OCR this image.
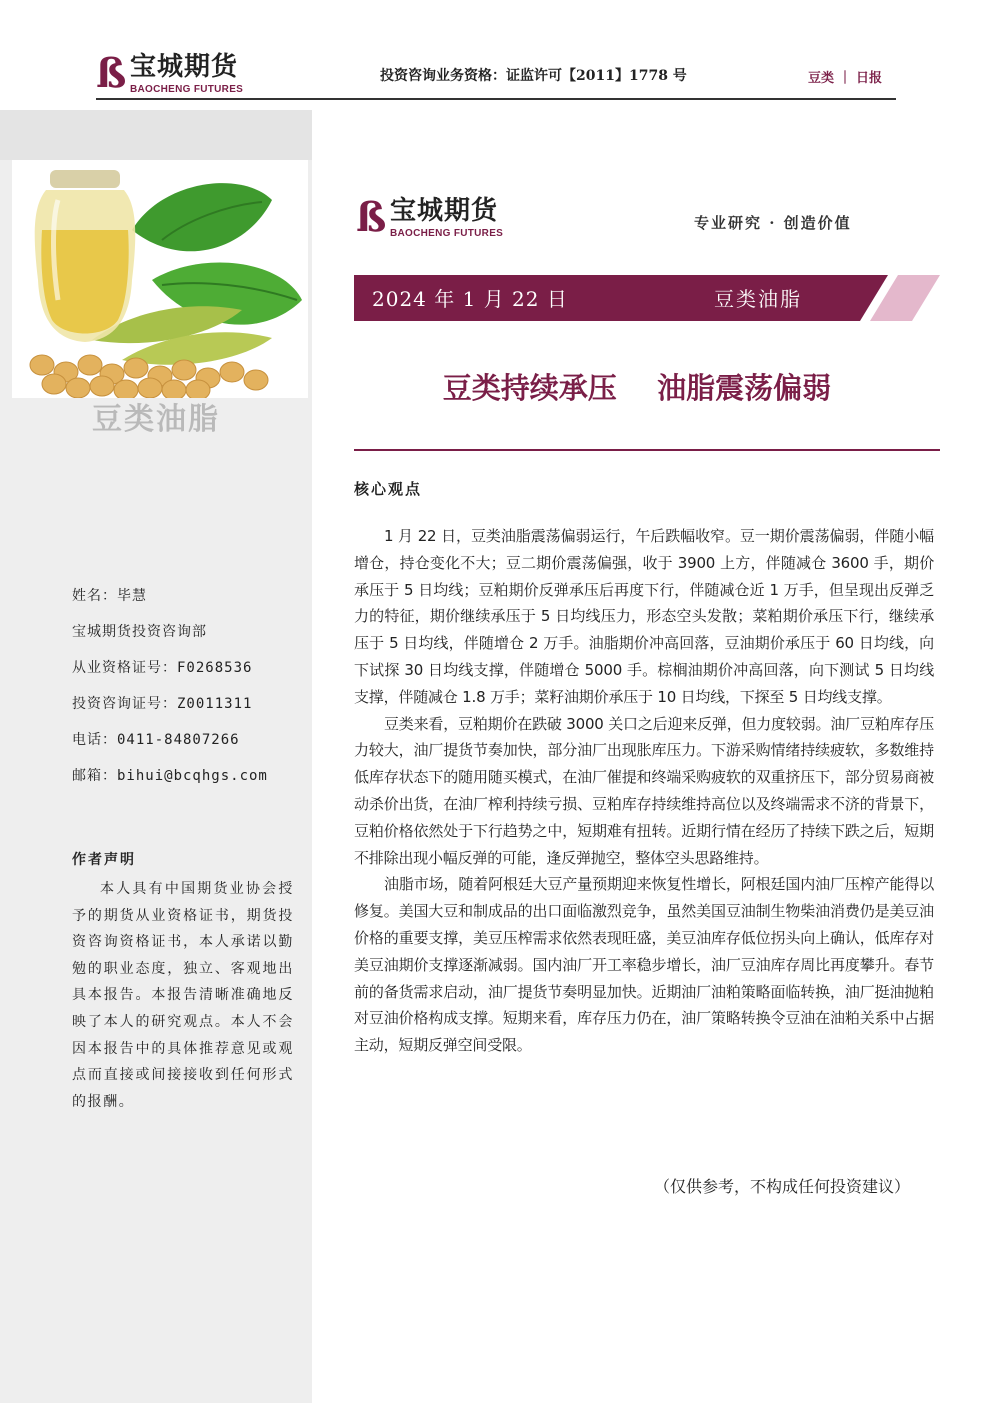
ß 宝城期货
BAOCHENG FUTURES
投资咨询业务资格：证监许可【2011】1778 号	豆类 ｜ 日报
豆类油脂
姓名：毕慧
宝城期货投资咨询部
从业资格证号：F0268536
投资咨询证号：Z0011311
电话：0411-84807266
邮箱：bihui@bcqhgs.com
作者声明
本人具有中国期货业协会授予的期货从业资格证书，期货投资咨询资格证书，本人承诺以勤勉的职业态度，独立、客观地出具本报告。本报告清晰准确地反映了本人的研究观点。本人不会因本报告中的具体推荐意见或观点而直接或间接接收到任何形式的报酬。
ß 宝城期货
BAOCHENG FUTURES
专业研究 · 创造价值
2024 年 1 月 22 日	豆类油脂
豆类持续承压    油脂震荡偏弱
核心观点

1 月 22 日，豆类油脂震荡偏弱运行，午后跌幅收窄。豆一期价震荡偏弱，伴随小幅增仓，持仓变化不大；豆二期价震荡偏强，收于 3900 上方，伴随减仓 3600 手，期价承压于 5 日均线；豆粕期价反弹承压后再度下行，伴随减仓近 1 万手，但呈现出反弹乏力的特征，期价继续承压于 5 日均线压力，形态空头发散；菜粕期价承压下行，继续承压于 5 日均线，伴随增仓 2 万手。油脂期价冲高回落，豆油期价承压于 60 日均线，向下试探 30 日均线支撑，伴随增仓 5000 手。棕榈油期价冲高回落，向下测试 5 日均线支撑，伴随减仓 1.8 万手；菜籽油期价承压于 10 日均线，下探至 5 日均线支撑。

豆类来看，豆粕期价在跌破 3000 关口之后迎来反弹，但力度较弱。油厂豆粕库存压力较大，油厂提货节奏加快，部分油厂出现胀库压力。下游采购情绪持续疲软，多数维持低库存状态下的随用随买模式，在油厂催提和终端采购疲软的双重挤压下，部分贸易商被动杀价出货，在油厂榨利持续亏损、豆粕库存持续维持高位以及终端需求不济的背景下，豆粕价格依然处于下行趋势之中，短期难有扭转。近期行情在经历了持续下跌之后，短期不排除出现小幅反弹的可能，逢反弹抛空，整体空头思路维持。

油脂市场，随着阿根廷大豆产量预期迎来恢复性增长，阿根廷国内油厂压榨产能得以修复。美国大豆和制成品的出口面临激烈竞争，虽然美国豆油制生物柴油消费仍是美豆油价格的重要支撑，美豆压榨需求依然表现旺盛，美豆油库存低位拐头向上确认，低库存对美豆油期价支撑逐渐减弱。国内油厂开工率稳步增长，油厂豆油库存周比再度攀升。春节前的备货需求启动，油厂提货节奏明显加快。近期油厂油粕策略面临转换，油厂挺油抛粕对豆油价格构成支撑。短期来看，库存压力仍在，油厂策略转换令豆油在油粕关系中占据主动，短期反弹空间受限。

（仅供参考，不构成任何投资建议）
